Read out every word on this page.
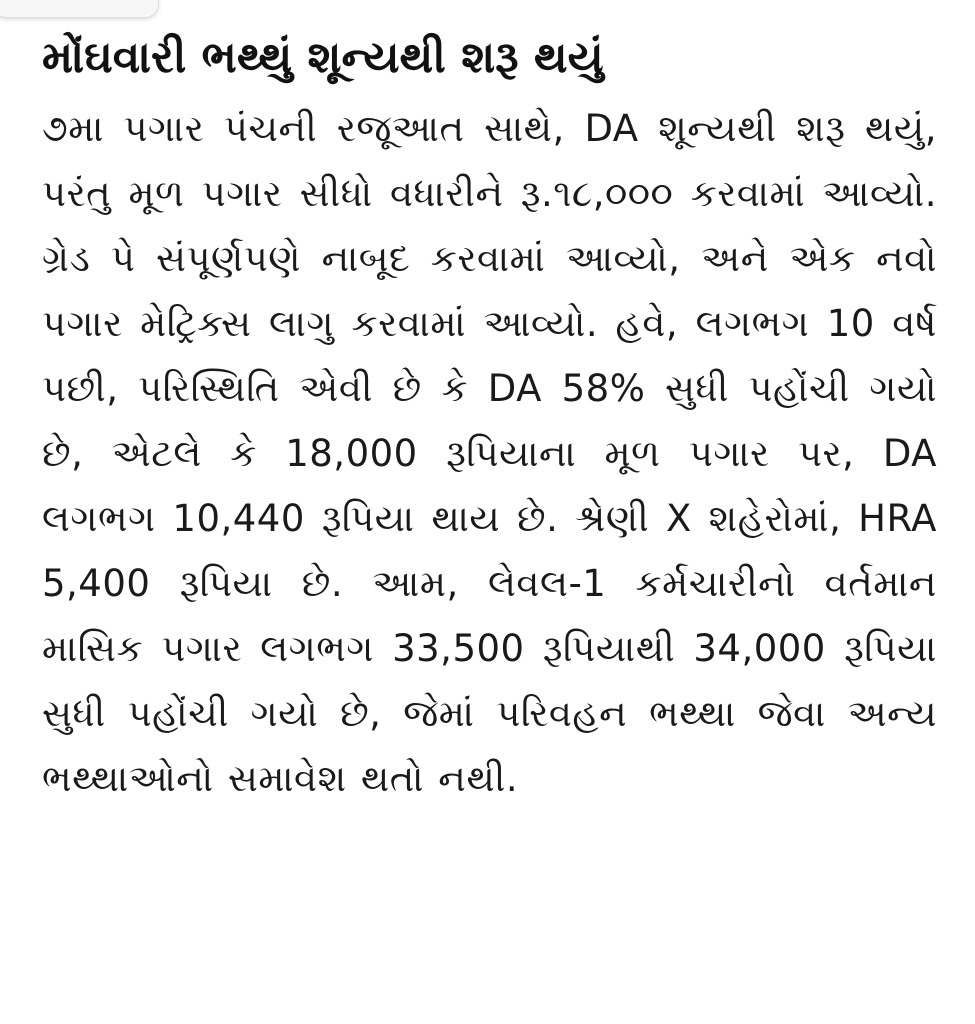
મોંઘવારી ભથ્થું શૂન્યથી શરૂ થયું

૭મા પગાર પંચની રજૂઆત સાથે, DA શૂન્યથી શરૂ થયું, પરંતુ મૂળ પગાર સીધો વધારીને રૂ.૧૮,૦૦૦ કરવામાં આવ્યો. ગ્રેડ પે સંપૂર્ણપણે નાબૂદ કરવામાં આવ્યો, અને એક નવો પગાર મેટ્રિક્સ લાગુ કરવામાં આવ્યો. હવે, લગભગ 10 વર્ષ પછી, પરિસ્થિતિ એવી છે કે DA 58% સુધી પહોંચી ગયો છે, એટલે કે 18,000 રૂપિયાના મૂળ પગાર પર, DA લગભગ 10,440 રૂપિયા થાય છે. શ્રેણી X શહેરોમાં, HRA 5,400 રૂપિયા છે. આમ, લેવલ-1 કર્મચારીનો વર્તમાન માસિક પગાર લગભગ 33,500 રૂપિયાથી 34,000 રૂપિયા સુધી પહોંચી ગયો છે, જેમાં પરિવહન ભથ્થા જેવા અન્ય ભથ્થાઓનો સમાવેશ થતો નથી.
